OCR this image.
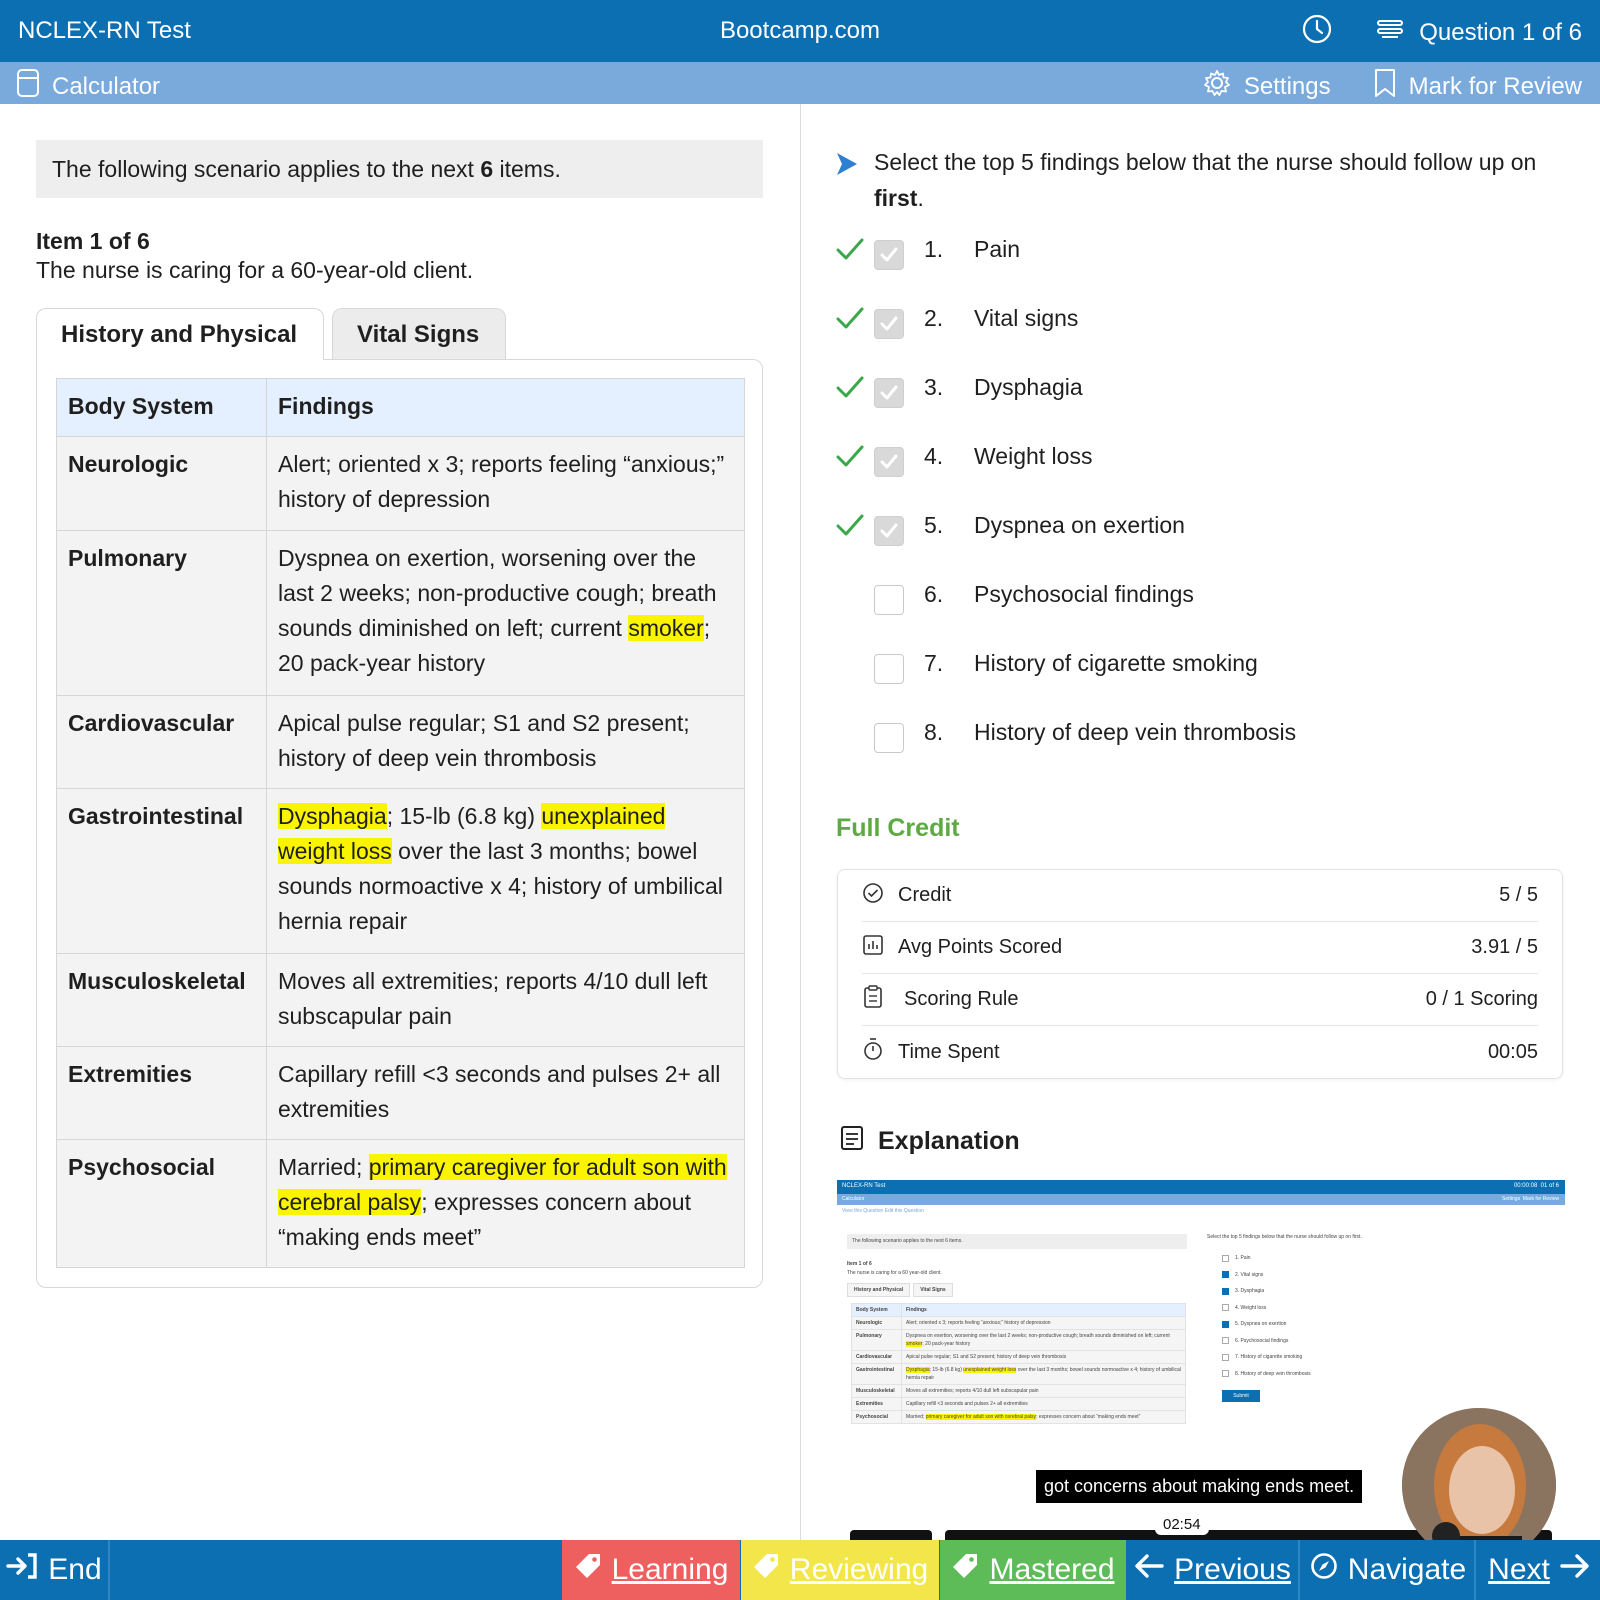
NCLEX-RN Test	Bootcamp.com	Question 1 of 6
Calculator	Settings	Mark for Review
The following scenario applies to the next 6 items.
Item 1 of 6
The nurse is caring for a 60-year-old client.
History and Physical	Vital Signs
Body System	Findings
Neurologic	Alert; oriented x 3; reports feeling “anxious;” history of depression
Pulmonary	Dyspnea on exertion, worsening over the last 2 weeks; non-productive cough; breath sounds diminished on left; current smoker; 20 pack-year history
Cardiovascular	Apical pulse regular; S1 and S2 present; history of deep vein thrombosis
Gastrointestinal	Dysphagia; 15-lb (6.8 kg) unexplained weight loss over the last 3 months; bowel sounds normoactive x 4; history of umbilical hernia repair
Musculoskeletal	Moves all extremities; reports 4/10 dull left subscapular pain
Extremities	Capillary refill <3 seconds and pulses 2+ all extremities
Psychosocial	Married; primary caregiver for adult son with cerebral palsy; expresses concern about “making ends meet”
Select the top 5 findings below that the nurse should follow up on first.
1.	Pain
2.	Vital signs
3.	Dysphagia
4.	Weight loss
5.	Dyspnea on exertion
6.	Psychosocial findings
7.	History of cigarette smoking
8.	History of deep vein thrombosis
Full Credit
Credit	5 / 5
Avg Points Scored	3.91 / 5
Scoring Rule	0 / 1 Scoring
Time Spent	00:05
Explanation
NCLEX-RN Test	00:00:08 01 of 6
Calculator	Settings Mark for Review
View this Question Edit this Question
The following scenario applies to the next 6 items.
Item 1 of 6
The nurse is caring for a 60 year-old client.
History and Physical	Vital Signs
Body System	Findings
Neurologic	Alert; oriented x 3; reports feeling “anxious;” history of depression
Pulmonary	Dyspnea on exertion, worsening over the last 2 weeks; non-productive cough; breath sounds diminished on left; current smoker; 20 pack-year history
Cardiovascular	Apical pulse regular; S1 and S2 present; history of deep vein thrombosis
Gastrointestinal	Dysphagia; 15-lb (6.8 kg) unexplained weight loss over the last 3 months; bowel sounds normoactive x 4; history of umbilical hernia repair
Musculoskeletal	Moves all extremities; reports 4/10 dull left subscapular pain
Extremities	Capillary refill <3 seconds and pulses 2+ all extremities
Psychosocial	Married; primary caregiver for adult son with cerebral palsy; expresses concern about “making ends meet”
Select the top 5 findings below that the nurse should follow up on first.
1. Pain
2. Vital signs
3. Dysphagia
4. Weight loss
5. Dyspnea on exertion
6. Psychosocial findings
7. History of cigarette smoking
8. History of deep vein thrombosis
Submit
got concerns about making ends meet.
02:54
End	Learning Reviewing Mastered Previous Navigate Next
